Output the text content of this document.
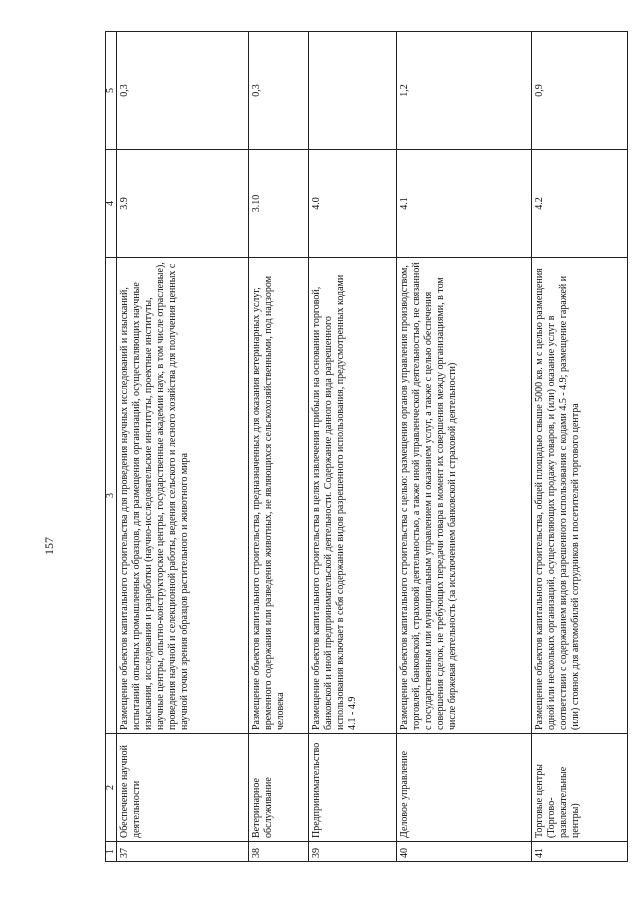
157
1	2	3	4	5
37	Обеспечение научной деятельности	Размещение объектов капитального строительства для проведения научных исследований и изысканий, испытаний опытных промышленных образцов, для размещения организаций, осуществляющих научные изыскания, исследования и разработки (научно-исследовательские институты, проектные институты, научные центры, опытно-конструкторские центры, государственные академии наук, в том числе отраслевые), проведения научной и селекционной работы, ведения сельского и лесного хозяйства для получения ценных с научной точки зрения образцов растительного и животного мира	3.9	0,3
38	Ветеринарное обслуживание	Размещение объектов капитального строительства, предназначенных для оказания ветеринарных услуг, временного содержания или разведения животных, не являющихся сельскохозяйственными, под надзором человека	3.10	0,3
39	Предпринимательство	Размещение объектов капитального строительства в целях извлечения прибыли на основании торговой, банковской и иной предпринимательской деятельности. Содержание данного вида разрешенного использования включает в себя содержание видов разрешенного использования, предусмотренных кодами 4.1 - 4.9	4.0	
40	Деловое управление	Размещение объектов капитального строительства с целью: размещения органов управления производством, торговлей, банковской, страховой деятельностью, а также иной управленческой деятельностью, не связанной с государственным или муниципальным управлением и оказанием услуг, а также с целью обеспечения совершения сделок, не требующих передачи товара в момент их совершения между организациями, в том числе биржевая деятельность (за исключением банковской и страховой деятельности)	4.1	1,2
41	Торговые центры (Торгово-развлекательные центры)	Размещение объектов капитального строительства, общей площадью свыше 5000 кв. м с целью размещения одной или нескольких организаций, осуществляющих продажу товаров, и (или) оказание услуг в соответствии с содержанием видов разрешенного использования с кодами 4.5 - 4.9; размещение гаражей и (или) стоянок для автомобилей сотрудников и посетителей торгового центра	4.2	0,9
